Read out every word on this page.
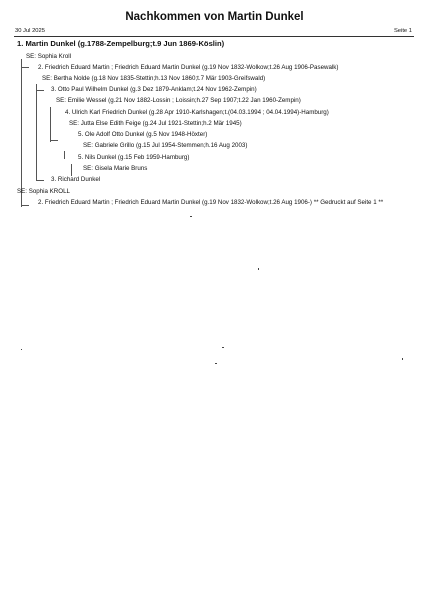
Nachkommen von Martin Dunkel
30 Jul 2025	Seite 1
1. Martin Dunkel (g.1788-Zempelburg;t.9 Jun 1869-Köslin)
SE: Sophia Kroll
2. Friedrich Eduard Martin ; Friedrich Eduard Martin Dunkel (g.19 Nov 1832-Wolkow;t.26 Aug 1906-Pasewalk)
SE: Bertha Nolde (g.18 Nov 1835-Stettin;h.13 Nov 1860;t.7 Mär 1903-Greifswald)
3. Otto Paul Wilhelm Dunkel (g.3 Dez 1879-Anklam;t.24 Nov 1962-Zempin)
SE: Emilie Wessel (g.21 Nov 1882-Lossin ; Loissin;h.27 Sep 1907;t.22 Jan 1960-Zempin)
4. Ulrich Karl Friedrich Dunkel (g.28 Apr 1910-Karlshagen;t.(04.03.1994 ; 04.04.1994)-Hamburg)
SE: Jutta Else Edith Feige (g.24 Jul 1921-Stettin;h.2 Mär 1945)
5. Ole Adolf Otto Dunkel (g.5 Nov 1948-Höxter)
SE: Gabriele Grillo (g.15 Jul 1954-Stemmen;h.16 Aug 2003)
5. Nils Dunkel (g.15 Feb 1959-Hamburg)
SE: Gisela Marie Bruns
3. Richard Dunkel
SE: Sophia KROLL
2. Friedrich Eduard Martin ; Friedrich Eduard Martin Dunkel (g.19 Nov 1832-Wolkow;t.26 Aug 1906-) ** Gedruckt auf Seite 1 **
